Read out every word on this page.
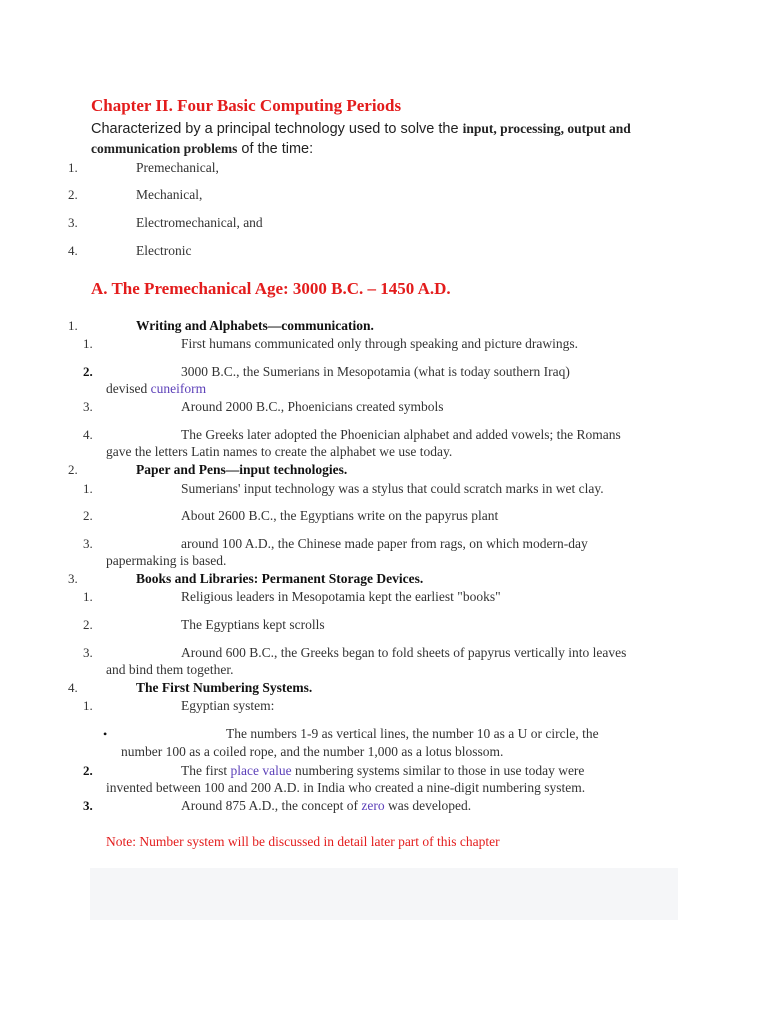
Chapter II. Four Basic Computing Periods
Characterized by a principal technology used to solve the input, processing, output and
communication problems of the time:
1.	Premechanical,
2.	Mechanical,
3.	Electromechanical, and
4.	Electronic
A. The Premechanical Age: 3000 B.C. – 1450 A.D.
1.	Writing and Alphabets—communication.
1.	First humans communicated only through speaking and picture drawings.
2.	3000 B.C., the Sumerians in Mesopotamia (what is today southern Iraq)
devised cuneiform
3.	Around 2000 B.C., Phoenicians created symbols
4.	The Greeks later adopted the Phoenician alphabet and added vowels; the Romans
gave the letters Latin names to create the alphabet we use today.
2.	Paper and Pens—input technologies.
1.	Sumerians' input technology was a stylus that could scratch marks in wet clay.
2.	About 2600 B.C., the Egyptians write on the papyrus plant
3.	around 100 A.D., the Chinese made paper from rags, on which modern-day
papermaking is based.
3.	Books and Libraries: Permanent Storage Devices.
1.	Religious leaders in Mesopotamia kept the earliest "books"
2.	The Egyptians kept scrolls
3.	Around 600 B.C., the Greeks began to fold sheets of papyrus vertically into leaves
and bind them together.
4.	The First Numbering Systems.
1.	Egyptian system:
•	The numbers 1-9 as vertical lines, the number 10 as a U or circle, the
number 100 as a coiled rope, and the number 1,000 as a lotus blossom.
2.	The first place value numbering systems similar to those in use today were
invented between 100 and 200 A.D. in India who created a nine-digit numbering system.
3.	Around 875 A.D., the concept of zero was developed.
Note: Number system will be discussed in detail later part of this chapter
